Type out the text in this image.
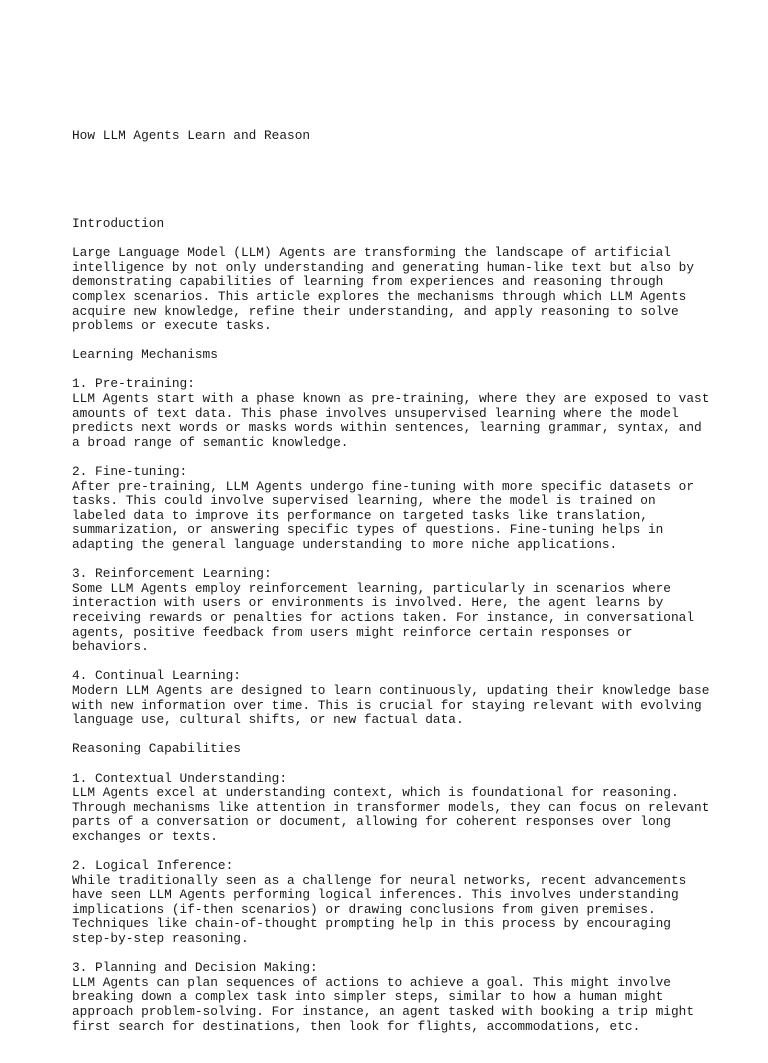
How LLM Agents Learn and Reason

Introduction
Large Language Model (LLM) Agents are transforming the landscape of artificial
intelligence by not only understanding and generating human-like text but also by
demonstrating capabilities of learning from experiences and reasoning through
complex scenarios. This article explores the mechanisms through which LLM Agents
acquire new knowledge, refine their understanding, and apply reasoning to solve
problems or execute tasks.
Learning Mechanisms
1. Pre-training:
LLM Agents start with a phase known as pre-training, where they are exposed to vast
amounts of text data. This phase involves unsupervised learning where the model
predicts next words or masks words within sentences, learning grammar, syntax, and
a broad range of semantic knowledge.
2. Fine-tuning:
After pre-training, LLM Agents undergo fine-tuning with more specific datasets or
tasks. This could involve supervised learning, where the model is trained on
labeled data to improve its performance on targeted tasks like translation,
summarization, or answering specific types of questions. Fine-tuning helps in
adapting the general language understanding to more niche applications.
3. Reinforcement Learning:
Some LLM Agents employ reinforcement learning, particularly in scenarios where
interaction with users or environments is involved. Here, the agent learns by
receiving rewards or penalties for actions taken. For instance, in conversational
agents, positive feedback from users might reinforce certain responses or
behaviors.
4. Continual Learning:
Modern LLM Agents are designed to learn continuously, updating their knowledge base
with new information over time. This is crucial for staying relevant with evolving
language use, cultural shifts, or new factual data.
Reasoning Capabilities
1. Contextual Understanding:
LLM Agents excel at understanding context, which is foundational for reasoning.
Through mechanisms like attention in transformer models, they can focus on relevant
parts of a conversation or document, allowing for coherent responses over long
exchanges or texts.
2. Logical Inference:
While traditionally seen as a challenge for neural networks, recent advancements
have seen LLM Agents performing logical inferences. This involves understanding
implications (if-then scenarios) or drawing conclusions from given premises.
Techniques like chain-of-thought prompting help in this process by encouraging
step-by-step reasoning.
3. Planning and Decision Making:
LLM Agents can plan sequences of actions to achieve a goal. This might involve
breaking down a complex task into simpler steps, similar to how a human might
approach problem-solving. For instance, an agent tasked with booking a trip might
first search for destinations, then look for flights, accommodations, etc.
